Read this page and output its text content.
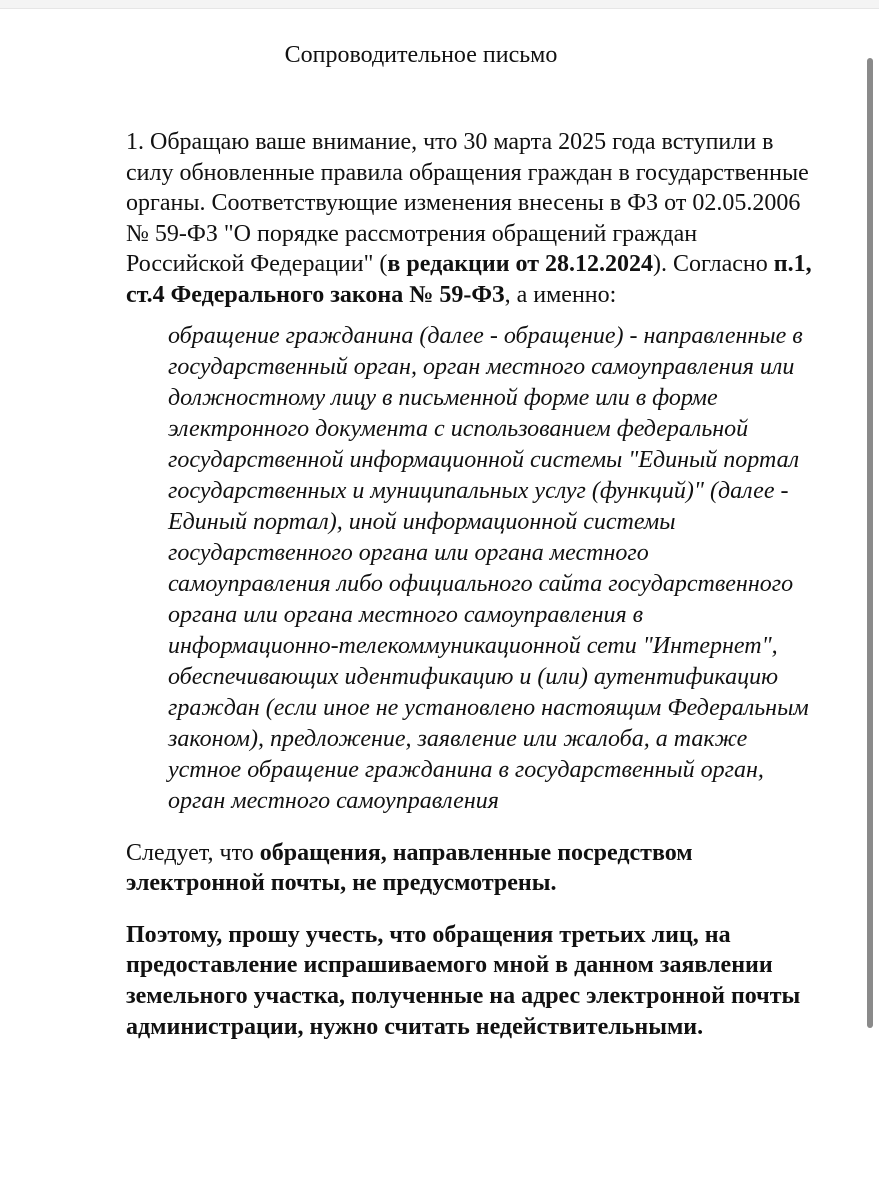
Сопроводительное письмо

1. Обращаю ваше внимание, что 30 марта 2025 года вступили в силу обновленные правила обращения граждан в государственные органы. Соответствующие изменения внесены в ФЗ от 02.05.2006 № 59-ФЗ "О порядке рассмотрения обращений граждан Российской Федерации" (в редакции от 28.12.2024). Согласно п.1, ст.4 Федерального закона № 59-ФЗ, а именно:

обращение гражданина (далее - обращение) - направленные в государственный орган, орган местного самоуправления или должностному лицу в письменной форме или в форме электронного документа с использованием федеральной государственной информационной системы "Единый портал государственных и муниципальных услуг (функций)" (далее - Единый портал), иной информационной системы государственного органа или органа местного самоуправления либо официального сайта государственного органа или органа местного самоуправления в информационно-телекоммуникационной сети "Интернет", обеспечивающих идентификацию и (или) аутентификацию граждан (если иное не установлено настоящим Федеральным законом), предложение, заявление или жалоба, а также устное обращение гражданина в государственный орган, орган местного самоуправления

Следует, что обращения, направленные посредством электронной почты, не предусмотрены.

Поэтому, прошу учесть, что обращения третьих лиц, на предоставление испрашиваемого мной в данном заявлении земельного участка, полученные на адрес электронной почты администрации, нужно считать недействительными.
